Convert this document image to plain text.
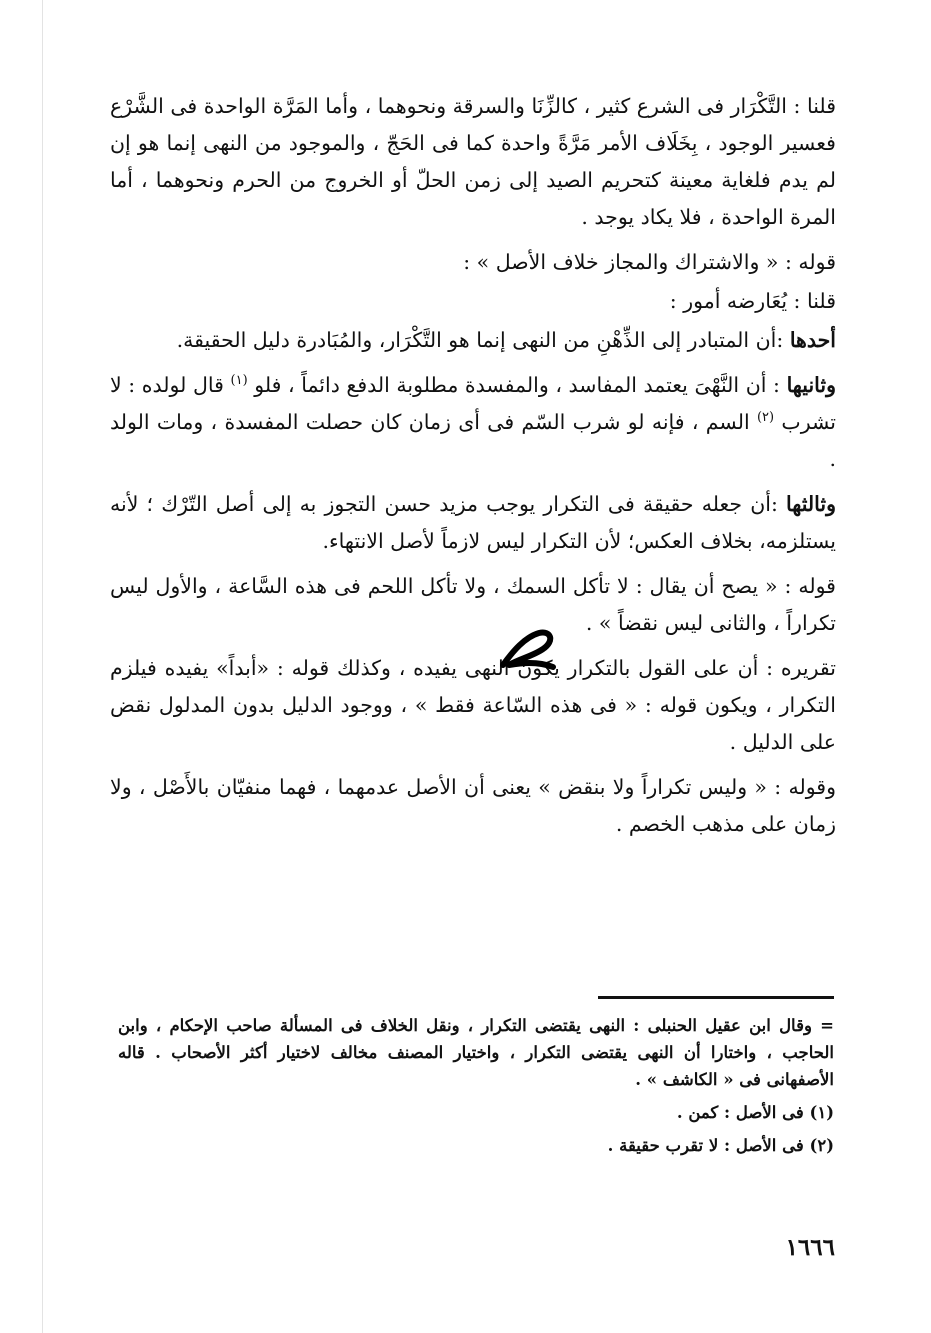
قلنا : التَّكْرَار فى الشرع كثير ، كالزِّنَا والسرقة ونحوهما ، وأما المَرَّة الواحدة فى الشَّرْع فعسير الوجود ، بِخَلَاف الأمر مَرَّةً واحدة كما فى الحَجّ ، والموجود من النهى إنما هو إن لم يدم فلغاية معينة كتحريم الصيد إلى زمن الحلّ أو الخروج من الحرم ونحوهما ، أما المرة الواحدة ، فلا يكاد يوجد .

قوله : « والاشتراك والمجاز خلاف الأصل » :

قلنا : يُعَارضه أمور :

أحدها :أن المتبادر إلى الذِّهْنِ من النهى إنما هو التَّكْرَار، والمُبَادرة دليل الحقيقة.

وثانيها : أن النَّهْىَ يعتمد المفاسد ، والمفسدة مطلوبة الدفع دائماً ، فلو $^{(١)}$ قال لولده : لا تشرب $^{(٢)}$ السم ، فإنه لو شرب السّم فى أى زمان كان حصلت المفسدة ، ومات الولد .

وثالثها :أن جعله حقيقة فى التكرار يوجب مزيد حسن التجوز به إلى أصل التّرْك ؛ لأنه يستلزمه، بخلاف العكس؛ لأن التكرار ليس لازماً لأصل الانتهاء.

قوله : « يصح أن يقال : لا تأكل السمك ، ولا تأكل اللحم فى هذه السَّاعة ، والأول ليس تكراراً ، والثانى ليس نقضاً » .

تقريره : أن على القول بالتكرار يكون النهى يفيده ، وكذلك قوله : «أبداً» يفيده فيلزم التكرار ، ويكون قوله : « فى هذه السّاعة فقط » ، ووجود الدليل بدون المدلول نقض على الدليل .

وقوله : « وليس تكراراً ولا بنقض » يعنى أن الأصل عدمهما ، فهما منفيّان بالأَصْل ، ولا زمان على مذهب الخصم .

= وقال ابن عقيل الحنبلى : النهى يقتضى التكرار ، ونقل الخلاف فى المسألة صاحب الإحكام ، وابن الحاجب ، واختارا أن النهى يقتضى التكرار ، واختيار المصنف مخالف لاختيار أكثر الأصحاب . قاله الأصفهانى فى « الكاشف » .

(١) فى الأصل : كمن .

(٢) فى الأصل : لا تقرب حقيقة .

١٦٦٦
